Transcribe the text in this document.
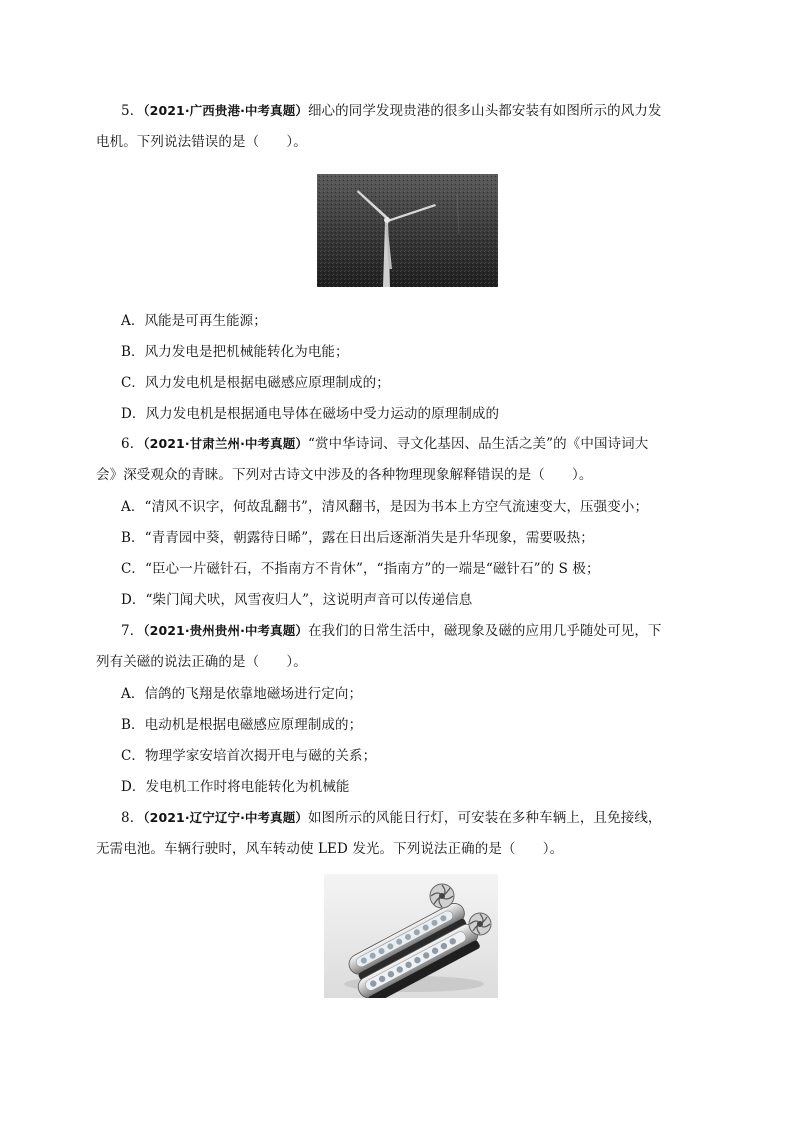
5．（2021·广西贵港·中考真题）细心的同学发现贵港的很多山头都安装有如图所示的风力发
电机。下列说法错误的是（　　）。
A．风能是可再生能源；
B．风力发电是把机械能转化为电能；
C．风力发电机是根据电磁感应原理制成的；
D．风力发电机是根据通电导体在磁场中受力运动的原理制成的
6．（2021·甘肃兰州·中考真题）“赏中华诗词、寻文化基因、品生活之美”的《中国诗词大
会》深受观众的青睐。下列对古诗文中涉及的各种物理现象解释错误的是（　　）。
A．“清风不识字，何故乱翻书”，清风翻书，是因为书本上方空气流速变大，压强变小；
B．“青青园中葵，朝露待日晞”，露在日出后逐渐消失是升华现象，需要吸热；
C．“臣心一片磁针石，不指南方不肯休”，“指南方”的一端是“磁针石”的 S 极；
D．“柴门闻犬吠，风雪夜归人”，这说明声音可以传递信息
7．（2021·贵州贵州·中考真题）在我们的日常生活中，磁现象及磁的应用几乎随处可见，下
列有关磁的说法正确的是（　　）。
A．信鸽的飞翔是依靠地磁场进行定向；
B．电动机是根据电磁感应原理制成的；
C．物理学家安培首次揭开电与磁的关系；
D．发电机工作时将电能转化为机械能
8．（2021·辽宁辽宁·中考真题）如图所示的风能日行灯，可安装在多种车辆上，且免接线，
无需电池。车辆行驶时，风车转动使 LED 发光。下列说法正确的是（　　）。
